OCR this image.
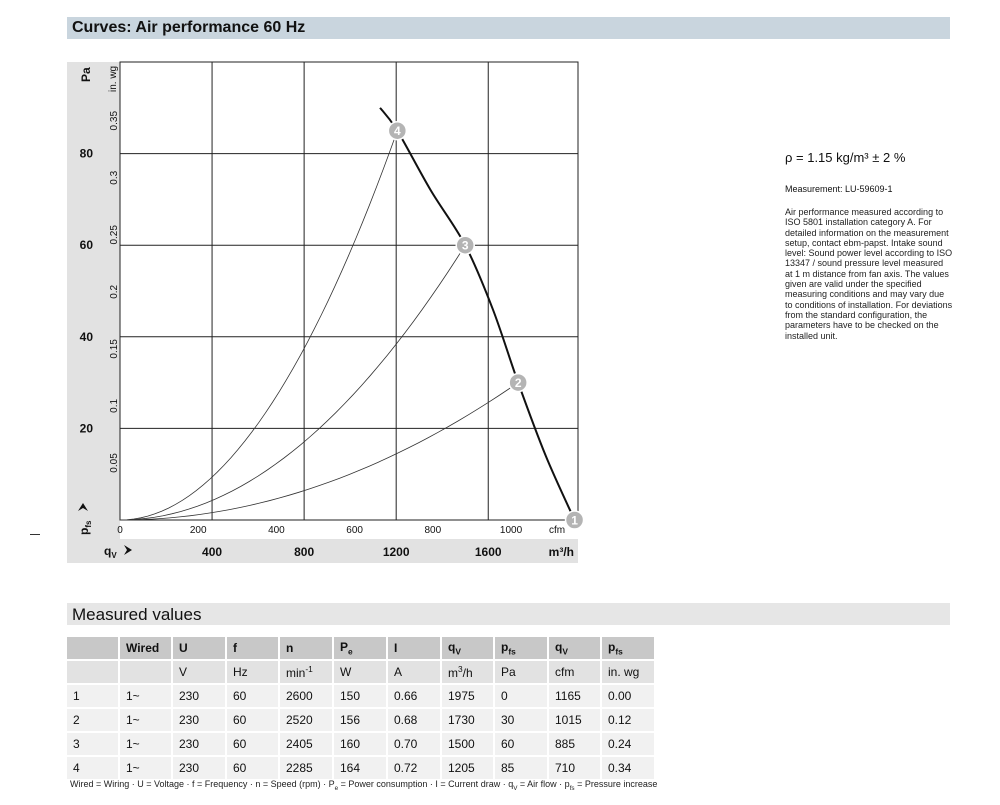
Curves: Air performance 60 Hz
400	800	1200	1600
0	200	400	600	800	1000
20
40
60
80
0.05
0.1
0.15
0.2
0.25
0.3
0.35
1
2
3
4
Pa in. wg
$p_{fs}$
$q_V$	m³/h
cfm
ρ = 1.15 kg/m³ ± 2 %
Measurement: LU-59609-1
Air performance measured according to ISO 5801 installation category A. For detailed information on the measurement setup, contact ebm-papst. Intake sound level: Sound power level according to ISO 13347 / sound pressure level measured at 1 m distance from fan axis. The values given are valid under the specified measuring conditions and may vary due to conditions of installation. For deviations from the standard configuration, the parameters have to be checked on the installed unit.
Measured values
	Wired	U	f	n	$P_e$	I	$q_V$	$p_{fs}$	$q_V$	$p_{fs}$
		V	Hz	$\min^{-1}$	W	A	$m^3/h$	Pa	cfm	in. wg
1	1~	230	60	2600	150	0.66	1975	0	1165	0.00
2	1~	230	60	2520	156	0.68	1730	30	1015	0.12
3	1~	230	60	2405	160	0.70	1500	60	885	0.24
4	1~	230	60	2285	164	0.72	1205	85	710	0.34
Wired = Wiring · U = Voltage · f = Frequency · n = Speed $(rpm) \cdot P_e$ = Power consumption · I = Current draw · $q_V$ = Air flow · $p_{fs}$ = Pressure increase
